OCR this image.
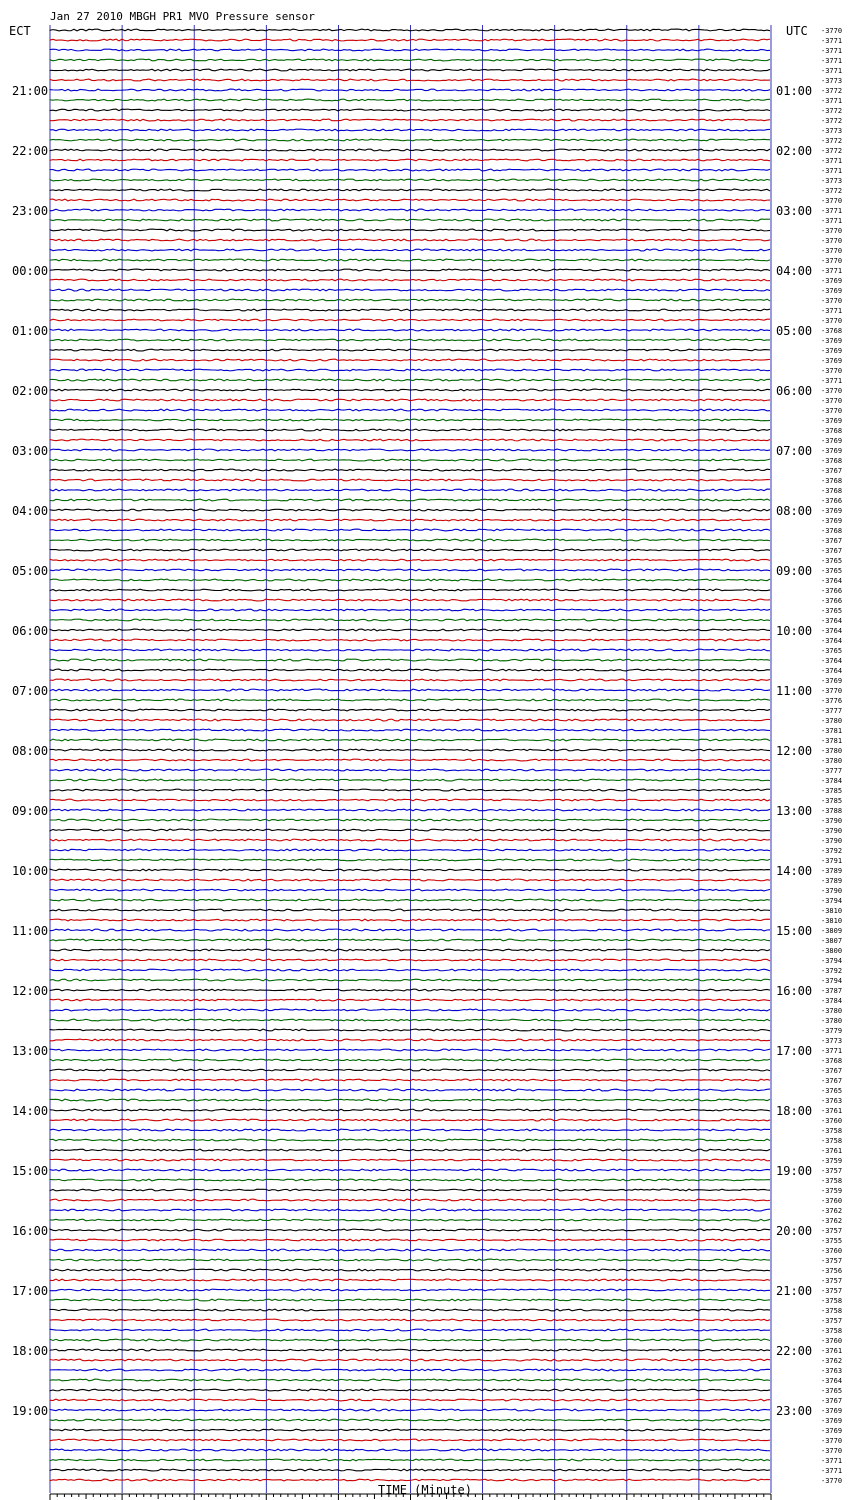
Jan 27 2010 MBGH PR1 MVO Pressure sensor
ECT	UTC -3770
-3771
-3771
-3771
-3771
-3773
-3772
-3771
-3772
-3772
-3773
-3772
-3772
-3771
-3771
-3773
-3772
-3770
-3771
-3771
-3770
-3770
-3770
-3770
-3771
-3769
-3769
-3770
-3771
-3770
-3768
-3769
-3769
-3769
-3770
-3771
-3770
-3770
-3770
-3769
-3768
-3769
-3769
-3768
-3767
-3768
-3768
-3766
-3769
-3769
-3768
-3767
-3767
-3765
-3765
-3764
-3766
-3766
-3765
-3764
-3764
-3764
-3765
-3764
-3764
-3769
-3770
-3776
-3777
-3780
-3781
-3781
-3780
-3780
-3777
-3784
-3785
-3785
-3788
-3790
-3790
-3790
-3792
-3791
-3789
-3789
-3790
-3794
-3810
-3810
-3809
-3807
-3800
-3794
-3792
-3794
-3787
-3784
-3780
-3780
-3779
-3773
-3771
-3768
-3767
-3767
-3765
-3763
-3761
-3760
-3758
-3758
-3761
-3759
-3757
-3758
-3759
-3760
-3762
-3762
-3757
-3755
-3760
-3757
-3756
-3757
-3757
-3758
-3758
-3757
-3758
-3760
-3761
-3762
-3763
-3764
-3765
-3767
-3769
-3769
-3769
-3770
-3770
-3771
-3771
-3770
21:00
22:00
23:00
00:00
01:00
02:00
03:00
04:00
05:00
06:00
07:00
08:00
09:00
10:00
11:00
12:00
13:00
14:00
15:00
16:00
17:00
18:00
19:00
01:00
02:00
03:00
04:00
05:00
06:00
07:00
08:00
09:00
10:00
11:00
12:00
13:00
14:00
15:00
16:00
17:00
18:00
19:00
20:00
21:00
22:00
23:00
TIME (Minute)
